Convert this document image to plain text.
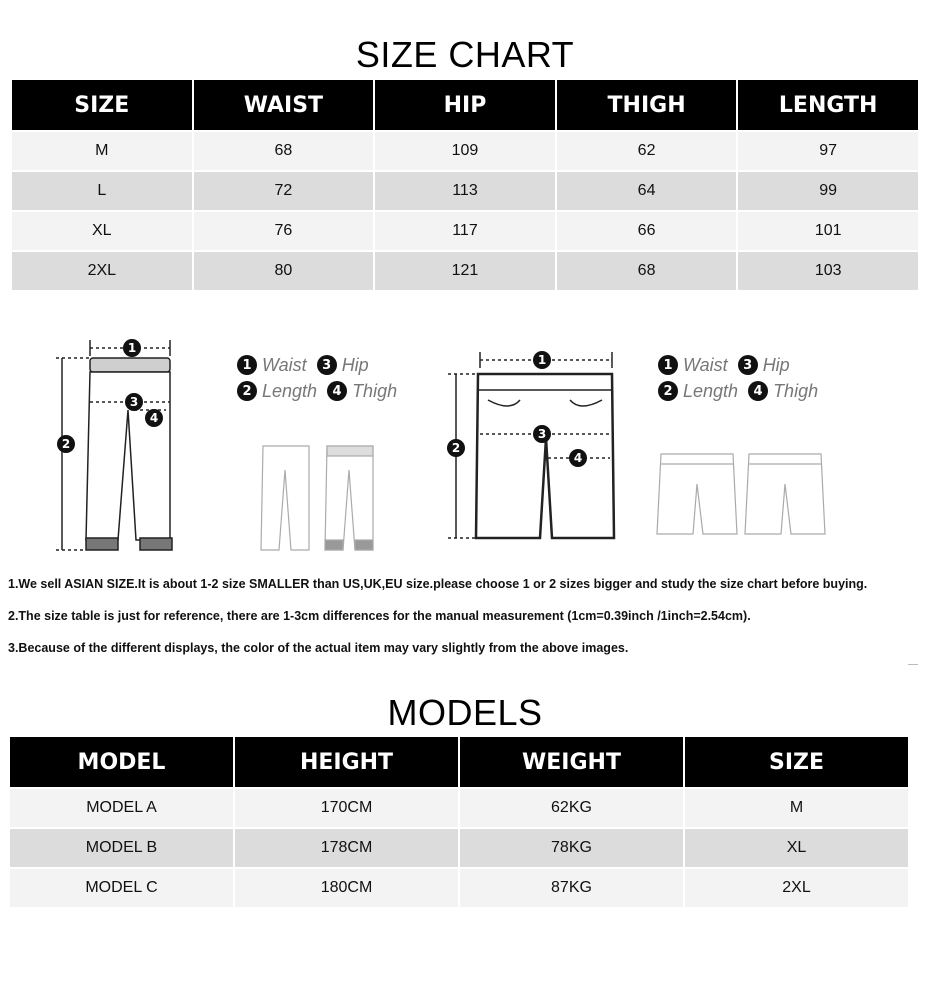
SIZE CHART
SIZE	WAIST	HIP	THIGH	LENGTH
M	68	109	62	97
L	72	113	64	99
XL	76	117	66	101
2XL	80	121	68	103
1
3
4
2
1 Waist	3 Hip
2 Length	4 Thigh
1
3
4
2
1 Waist	3 Hip
2 Length	4 Thigh
1.We sell ASIAN SIZE.It is about 1-2 size SMALLER than US,UK,EU size.please choose 1 or 2 sizes bigger and study the size chart before buying.
2.The size table is just for reference, there are 1-3cm differences for the manual measurement (1cm=0.39inch /1inch=2.54cm).
3.Because of the different displays, the color of the actual item may vary slightly from the above images.
MODELS
MODEL	HEIGHT	WEIGHT	SIZE
MODEL A	170CM	62KG	M
MODEL B	178CM	78KG	XL
MODEL C	180CM	87KG	2XL
